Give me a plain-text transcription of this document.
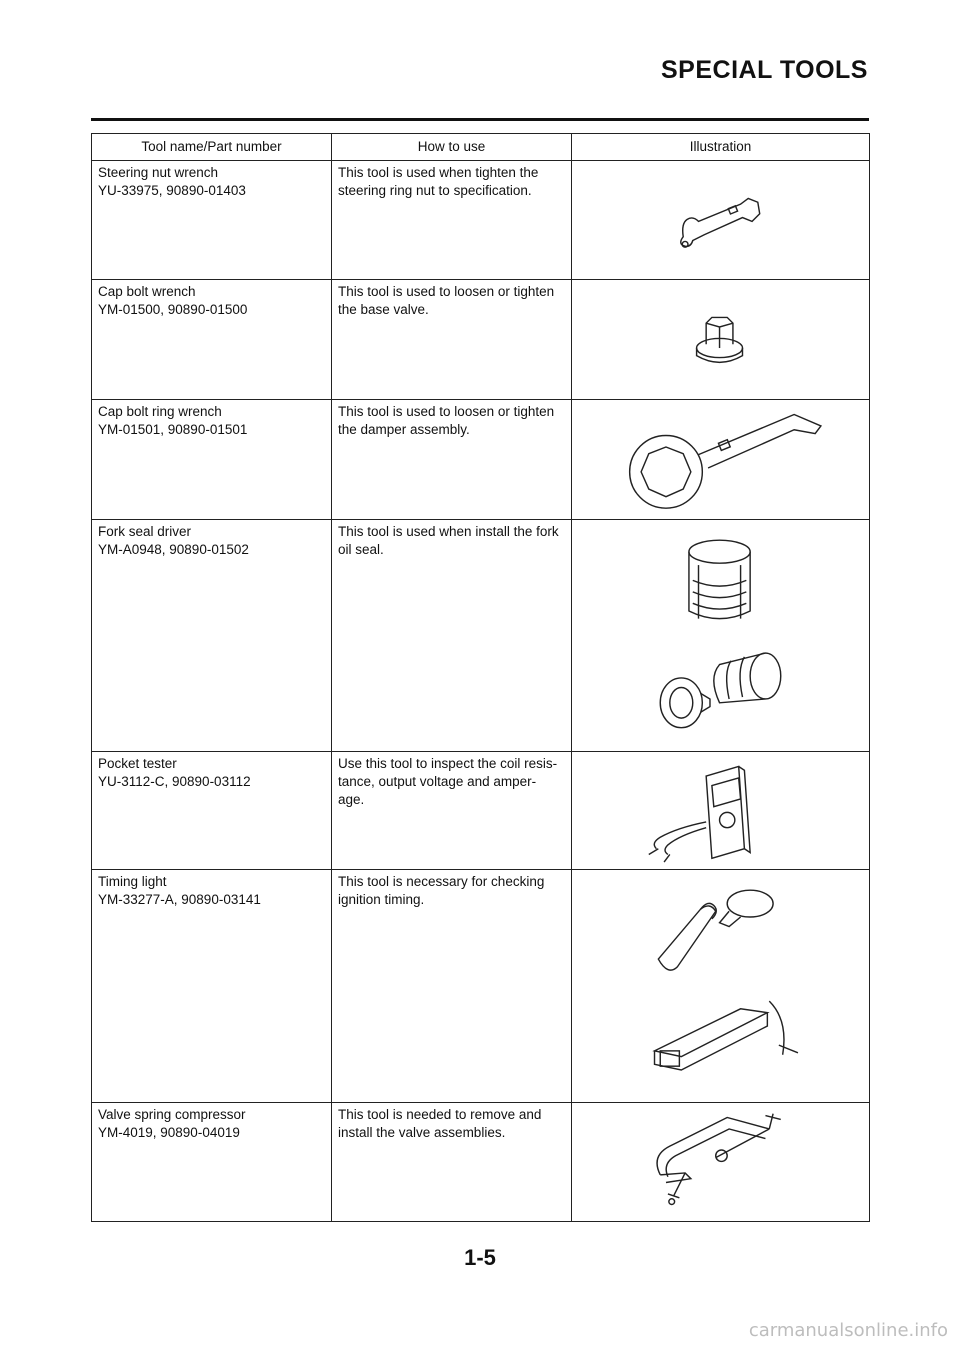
SPECIAL TOOLS
Tool name/Part number	How to use	Illustration

Steering nut wrench
YU-33975, 90890-01403	This tool is used when tighten the
steering ring nut to specification.

Cap bolt wrench
YM-01500, 90890-01500	This tool is used to loosen or tighten
the base valve.

Cap bolt ring wrench
YM-01501, 90890-01501	This tool is used to loosen or tighten
the damper assembly.

Fork seal driver
YM-A0948, 90890-01502	This tool is used when install the fork
oil seal.

Pocket tester
YU-3112-C, 90890-03112	Use this tool to inspect the coil resis-
tance, output voltage and amper-
age.

Timing light
YM-33277-A, 90890-03141	This tool is necessary for checking
ignition timing.

Valve spring compressor
YM-4019, 90890-04019	This tool is needed to remove and
install the valve assemblies.

1-5
carmanualsonline.info
